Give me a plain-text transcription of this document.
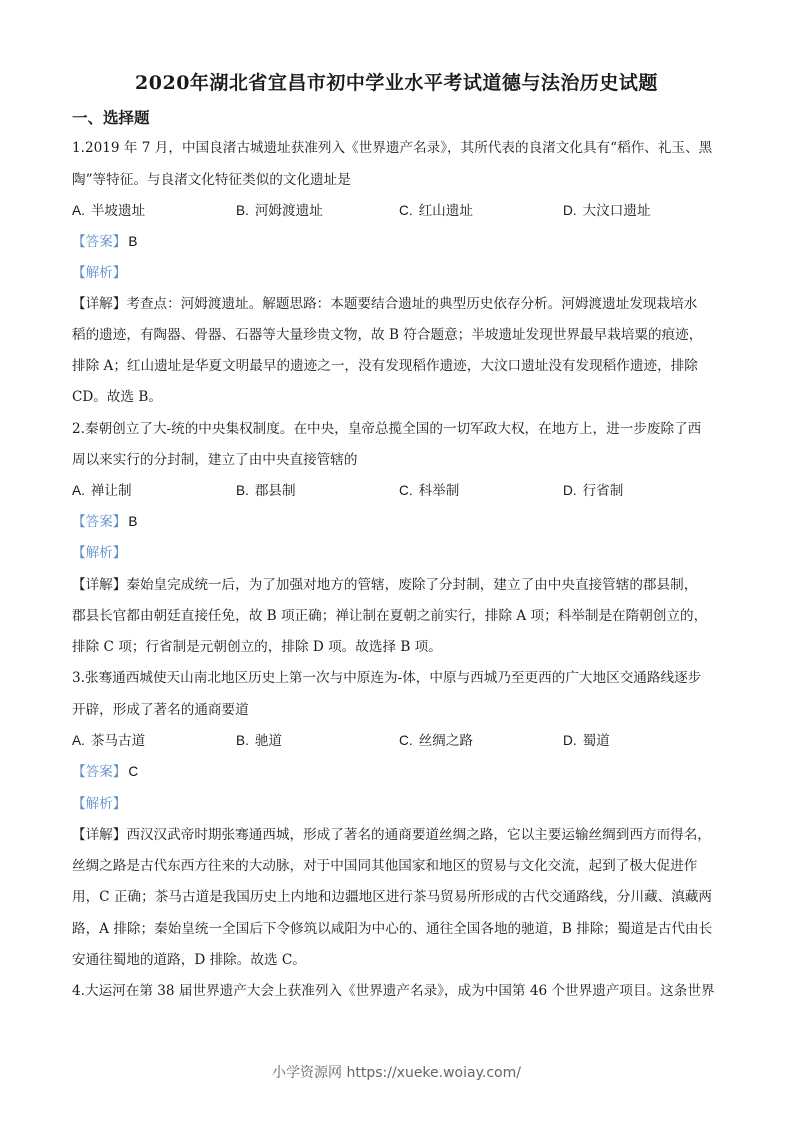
2020年湖北省宜昌市初中学业水平考试道德与法治历史试题
一、选择题
1.2019 年 7 月，中国良渚古城遗址获准列入《世界遗产名录》，其所代表的良渚文化具有“稻作、礼玉、黑
陶”等特征。与良渚文化特征类似的文化遗址是
A. 半坡遗址	B. 河姆渡遗址	C. 红山遗址	D. 大汶口遗址
【答案】 B
【解析】
【详解】考查点：河姆渡遗址。解题思路：本题要结合遗址的典型历史依存分析。河姆渡遗址发现栽培水
稻的遗迹，有陶器、骨器、石器等大量珍贵文物，故 B 符合题意；半坡遗址发现世界最早栽培粟的痕迹，
排除 A；红山遗址是华夏文明最早的遗迹之一，没有发现稻作遗迹，大汶口遗址没有发现稻作遗迹，排除
CD。故选 B。
2.秦朝创立了大-统的中央集权制度。在中央，皇帝总揽全国的一切军政大权，在地方上，进一步废除了西
周以来实行的分封制，建立了由中央直接管辖的
A. 禅让制	B. 郡县制	C. 科举制	D. 行省制
【答案】 B
【解析】
【详解】秦始皇完成统一后，为了加强对地方的管辖，废除了分封制，建立了由中央直接管辖的郡县制，
郡县长官都由朝廷直接任免，故 B 项正确；禅让制在夏朝之前实行，排除 A 项；科举制是在隋朝创立的，
排除 C 项；行省制是元朝创立的，排除 D 项。故选择 B 项。
3.张骞通西城使天山南北地区历史上第一次与中原连为-体，中原与西城乃至更西的广大地区交通路线逐步
开辟，形成了著名的通商要道
A. 茶马古道	B. 驰道	C. 丝绸之路	D. 蜀道
【答案】 C
【解析】
【详解】西汉汉武帝时期张骞通西城，形成了著名的通商要道丝绸之路，它以主要运输丝绸到西方而得名，
丝绸之路是古代东西方往来的大动脉，对于中国同其他国家和地区的贸易与文化交流，起到了极大促进作
用，C 正确；茶马古道是我国历史上内地和边疆地区进行茶马贸易所形成的古代交通路线，分川藏、滇藏两
路，A 排除；秦始皇统一全国后下令修筑以咸阳为中心的、通往全国各地的驰道，B 排除；蜀道是古代由长
安通往蜀地的道路，D 排除。故选 C。
4.大运河在第 38 届世界遗产大会上获准列入《世界遗产名录》，成为中国第 46 个世界遗产项目。这条世界
小学资源网 https://xueke.woiay.com/
